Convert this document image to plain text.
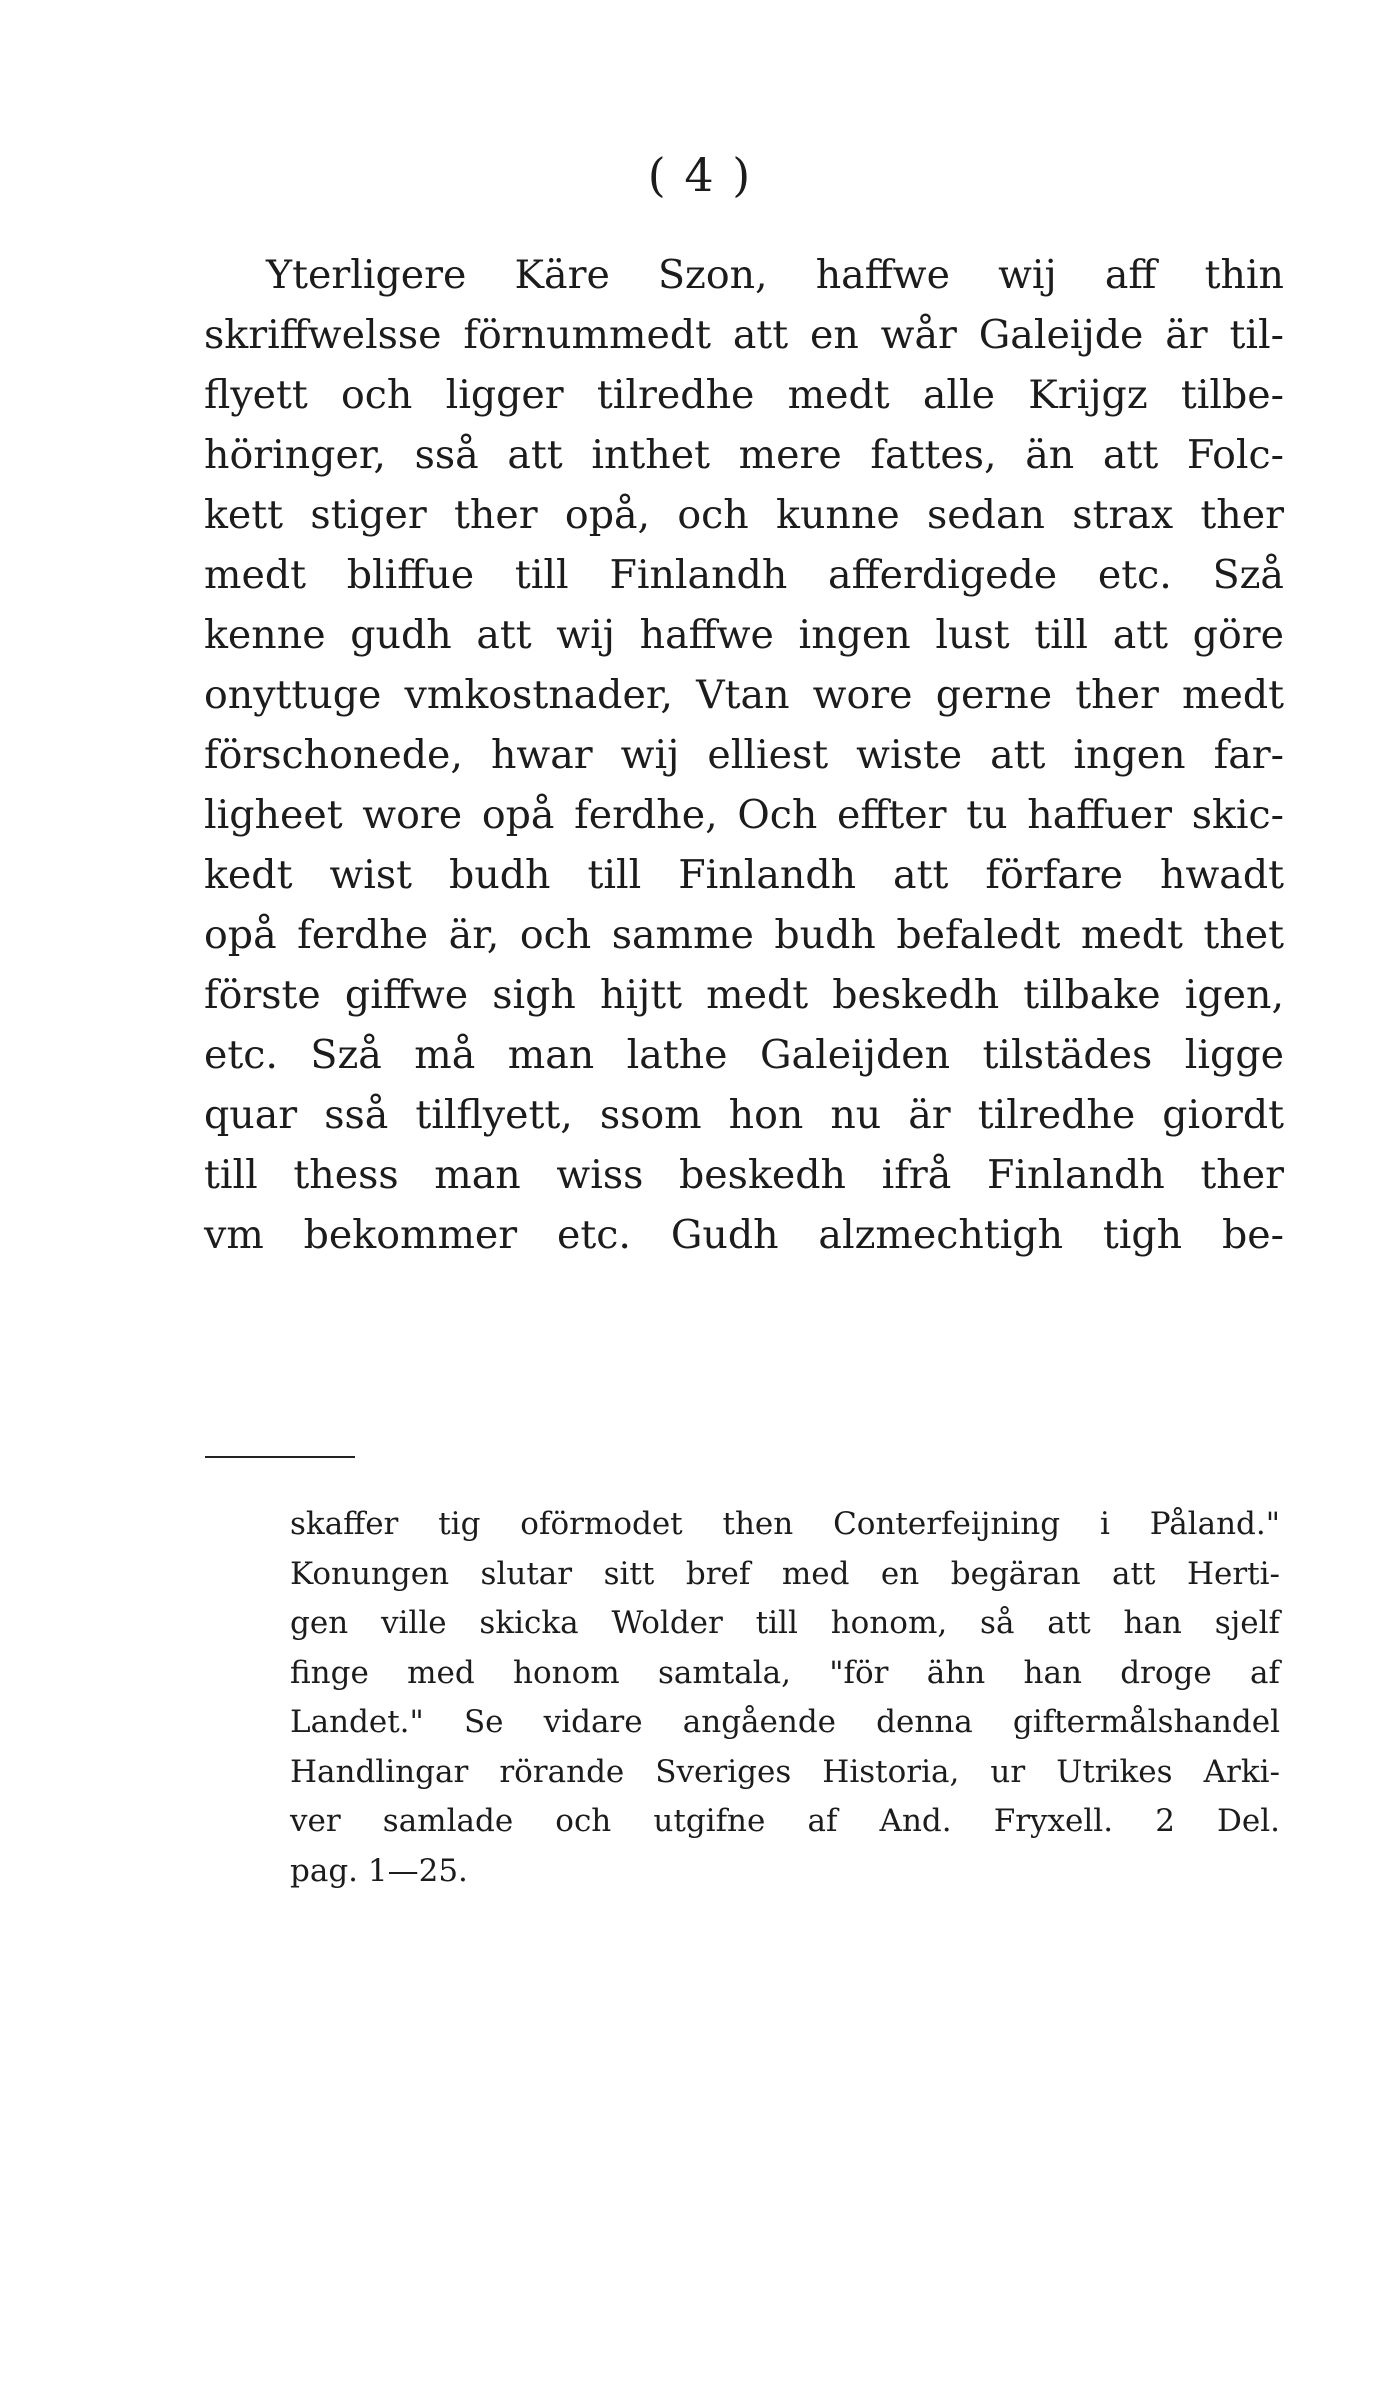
( 4 )
Yterligere Käre Szon, haffwe wij aff thin
skriffwelsse förnummedt att en wår Galeijde är til-
flyett och ligger tilredhe medt alle Krijgz tilbe-
höringer, sså att inthet mere fattes, än att Folc-
kett stiger ther opå, och kunne sedan strax ther
medt bliffue till Finlandh afferdigede etc. Szå
kenne gudh att wij haffwe ingen lust till att göre
onyttuge vmkostnader, Vtan wore gerne ther medt
förschonede, hwar wij elliest wiste att ingen far-
ligheet wore opå ferdhe, Och effter tu haffuer skic-
kedt wist budh till Finlandh att förfare hwadt
opå ferdhe är, och samme budh befaledt medt thet
förste giffwe sigh hijtt medt beskedh tilbake igen,
etc. Szå må man lathe Galeijden tilstädes ligge
quar sså tilflyett, ssom hon nu är tilredhe giordt
till thess man wiss beskedh ifrå Finlandh ther
vm bekommer etc. Gudh alzmechtigh tigh be-
skaffer tig oförmodet then Conterfeijning i Påland."
Konungen slutar sitt bref med en begäran att Herti-
gen ville skicka Wolder till honom, så att han sjelf
finge med honom samtala, "för ähn han droge af
Landet." Se vidare angående denna giftermålshandel
Handlingar rörande Sveriges Historia, ur Utrikes Arki-
ver samlade och utgifne af And. Fryxell. 2 Del.
pag. 1—25.
